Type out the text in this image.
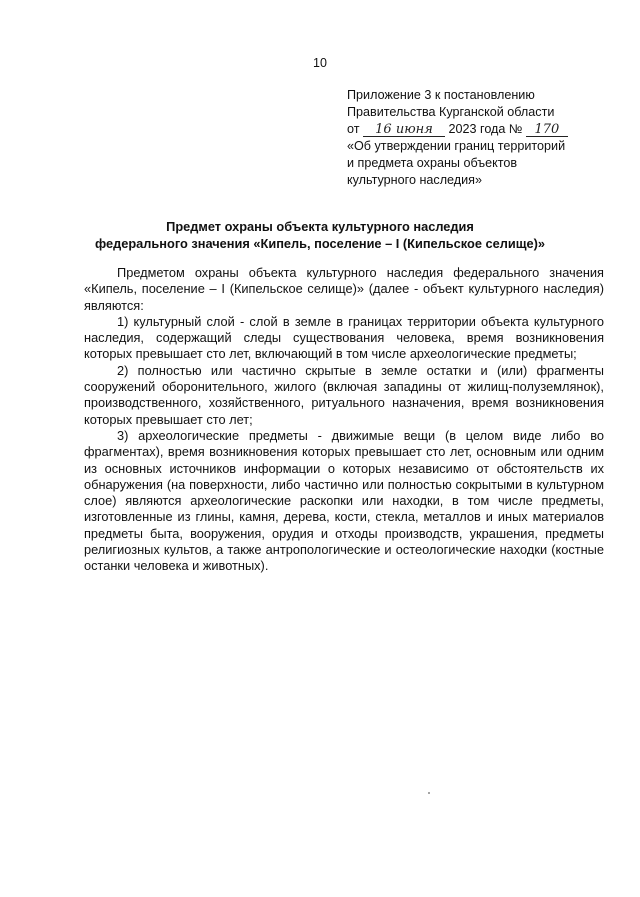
10
Приложение 3 к постановлению
Правительства Курганской области
от 16 июня 2023 года № 170
«Об утверждении границ территорий
и предмета охраны объектов
культурного наследия»
Предмет охраны объекта культурного наследия
федерального значения «Кипель, поселение – I (Кипельское селище)»

Предметом охраны объекта культурного наследия федерального значения «Кипель, поселение – I (Кипельское селище)» (далее - объект культурного наследия) являются:

1) культурный слой - слой в земле в границах территории объекта культурного наследия, содержащий следы существования человека, время возникновения которых превышает сто лет, включающий в том числе археологические предметы;

2) полностью или частично скрытые в земле остатки и (или) фрагменты сооружений оборонительного, жилого (включая западины от жилищ-полуземлянок), производственного, хозяйственного, ритуального назначения, время возникновения которых превышает сто лет;

3) археологические предметы - движимые вещи (в целом виде либо во фрагментах), время возникновения которых превышает сто лет, основным или одним из основных источников информации о которых независимо от обстоятельств их обнаружения (на поверхности, либо частично или полностью сокрытыми в культурном слое) являются археологические раскопки или находки, в том числе предметы, изготовленные из глины, камня, дерева, кости, стекла, металлов и иных материалов предметы быта, вооружения, орудия и отходы производств, украшения, предметы религиозных культов, а также антропологические и остеологические находки (костные останки человека и животных).
